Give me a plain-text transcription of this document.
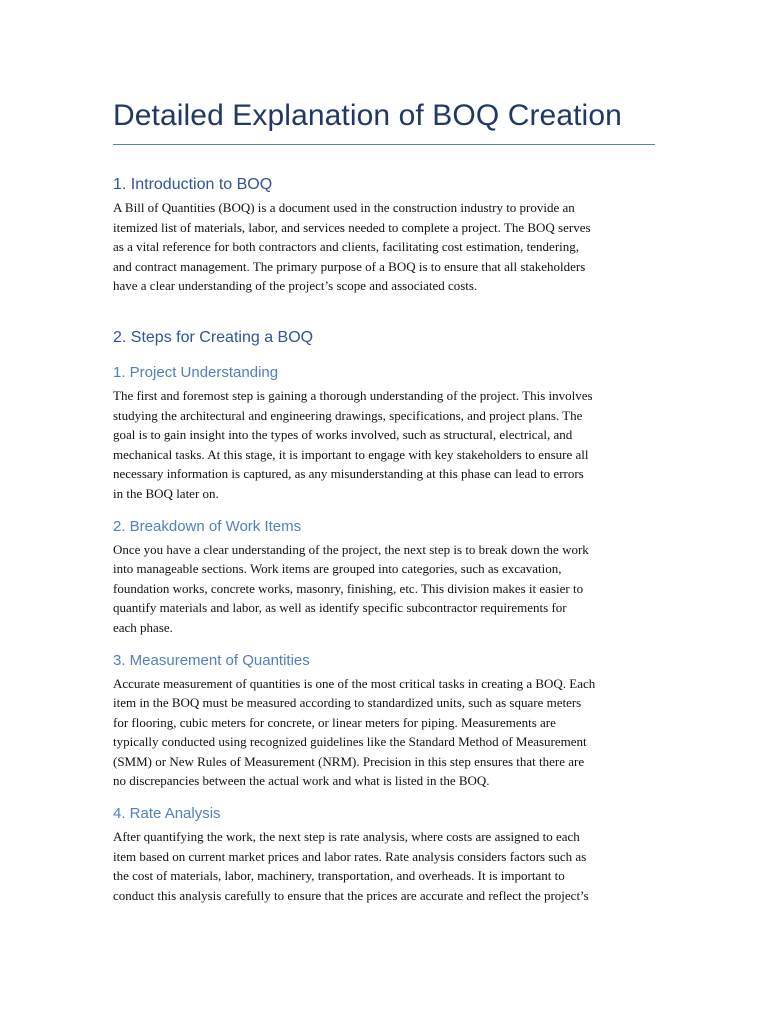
Detailed Explanation of BOQ Creation
1. Introduction to BOQ

A Bill of Quantities (BOQ) is a document used in the construction industry to provide an
itemized list of materials, labor, and services needed to complete a project. The BOQ serves
as a vital reference for both contractors and clients, facilitating cost estimation, tendering,
and contract management. The primary purpose of a BOQ is to ensure that all stakeholders
have a clear understanding of the project’s scope and associated costs.

2. Steps for Creating a BOQ
1. Project Understanding

The first and foremost step is gaining a thorough understanding of the project. This involves
studying the architectural and engineering drawings, specifications, and project plans. The
goal is to gain insight into the types of works involved, such as structural, electrical, and
mechanical tasks. At this stage, it is important to engage with key stakeholders to ensure all
necessary information is captured, as any misunderstanding at this phase can lead to errors
in the BOQ later on.

2. Breakdown of Work Items

Once you have a clear understanding of the project, the next step is to break down the work
into manageable sections. Work items are grouped into categories, such as excavation,
foundation works, concrete works, masonry, finishing, etc. This division makes it easier to
quantify materials and labor, as well as identify specific subcontractor requirements for
each phase.

3. Measurement of Quantities

Accurate measurement of quantities is one of the most critical tasks in creating a BOQ. Each
item in the BOQ must be measured according to standardized units, such as square meters
for flooring, cubic meters for concrete, or linear meters for piping. Measurements are
typically conducted using recognized guidelines like the Standard Method of Measurement
(SMM) or New Rules of Measurement (NRM). Precision in this step ensures that there are
no discrepancies between the actual work and what is listed in the BOQ.

4. Rate Analysis

After quantifying the work, the next step is rate analysis, where costs are assigned to each
item based on current market prices and labor rates. Rate analysis considers factors such as
the cost of materials, labor, machinery, transportation, and overheads. It is important to
conduct this analysis carefully to ensure that the prices are accurate and reflect the project’s
